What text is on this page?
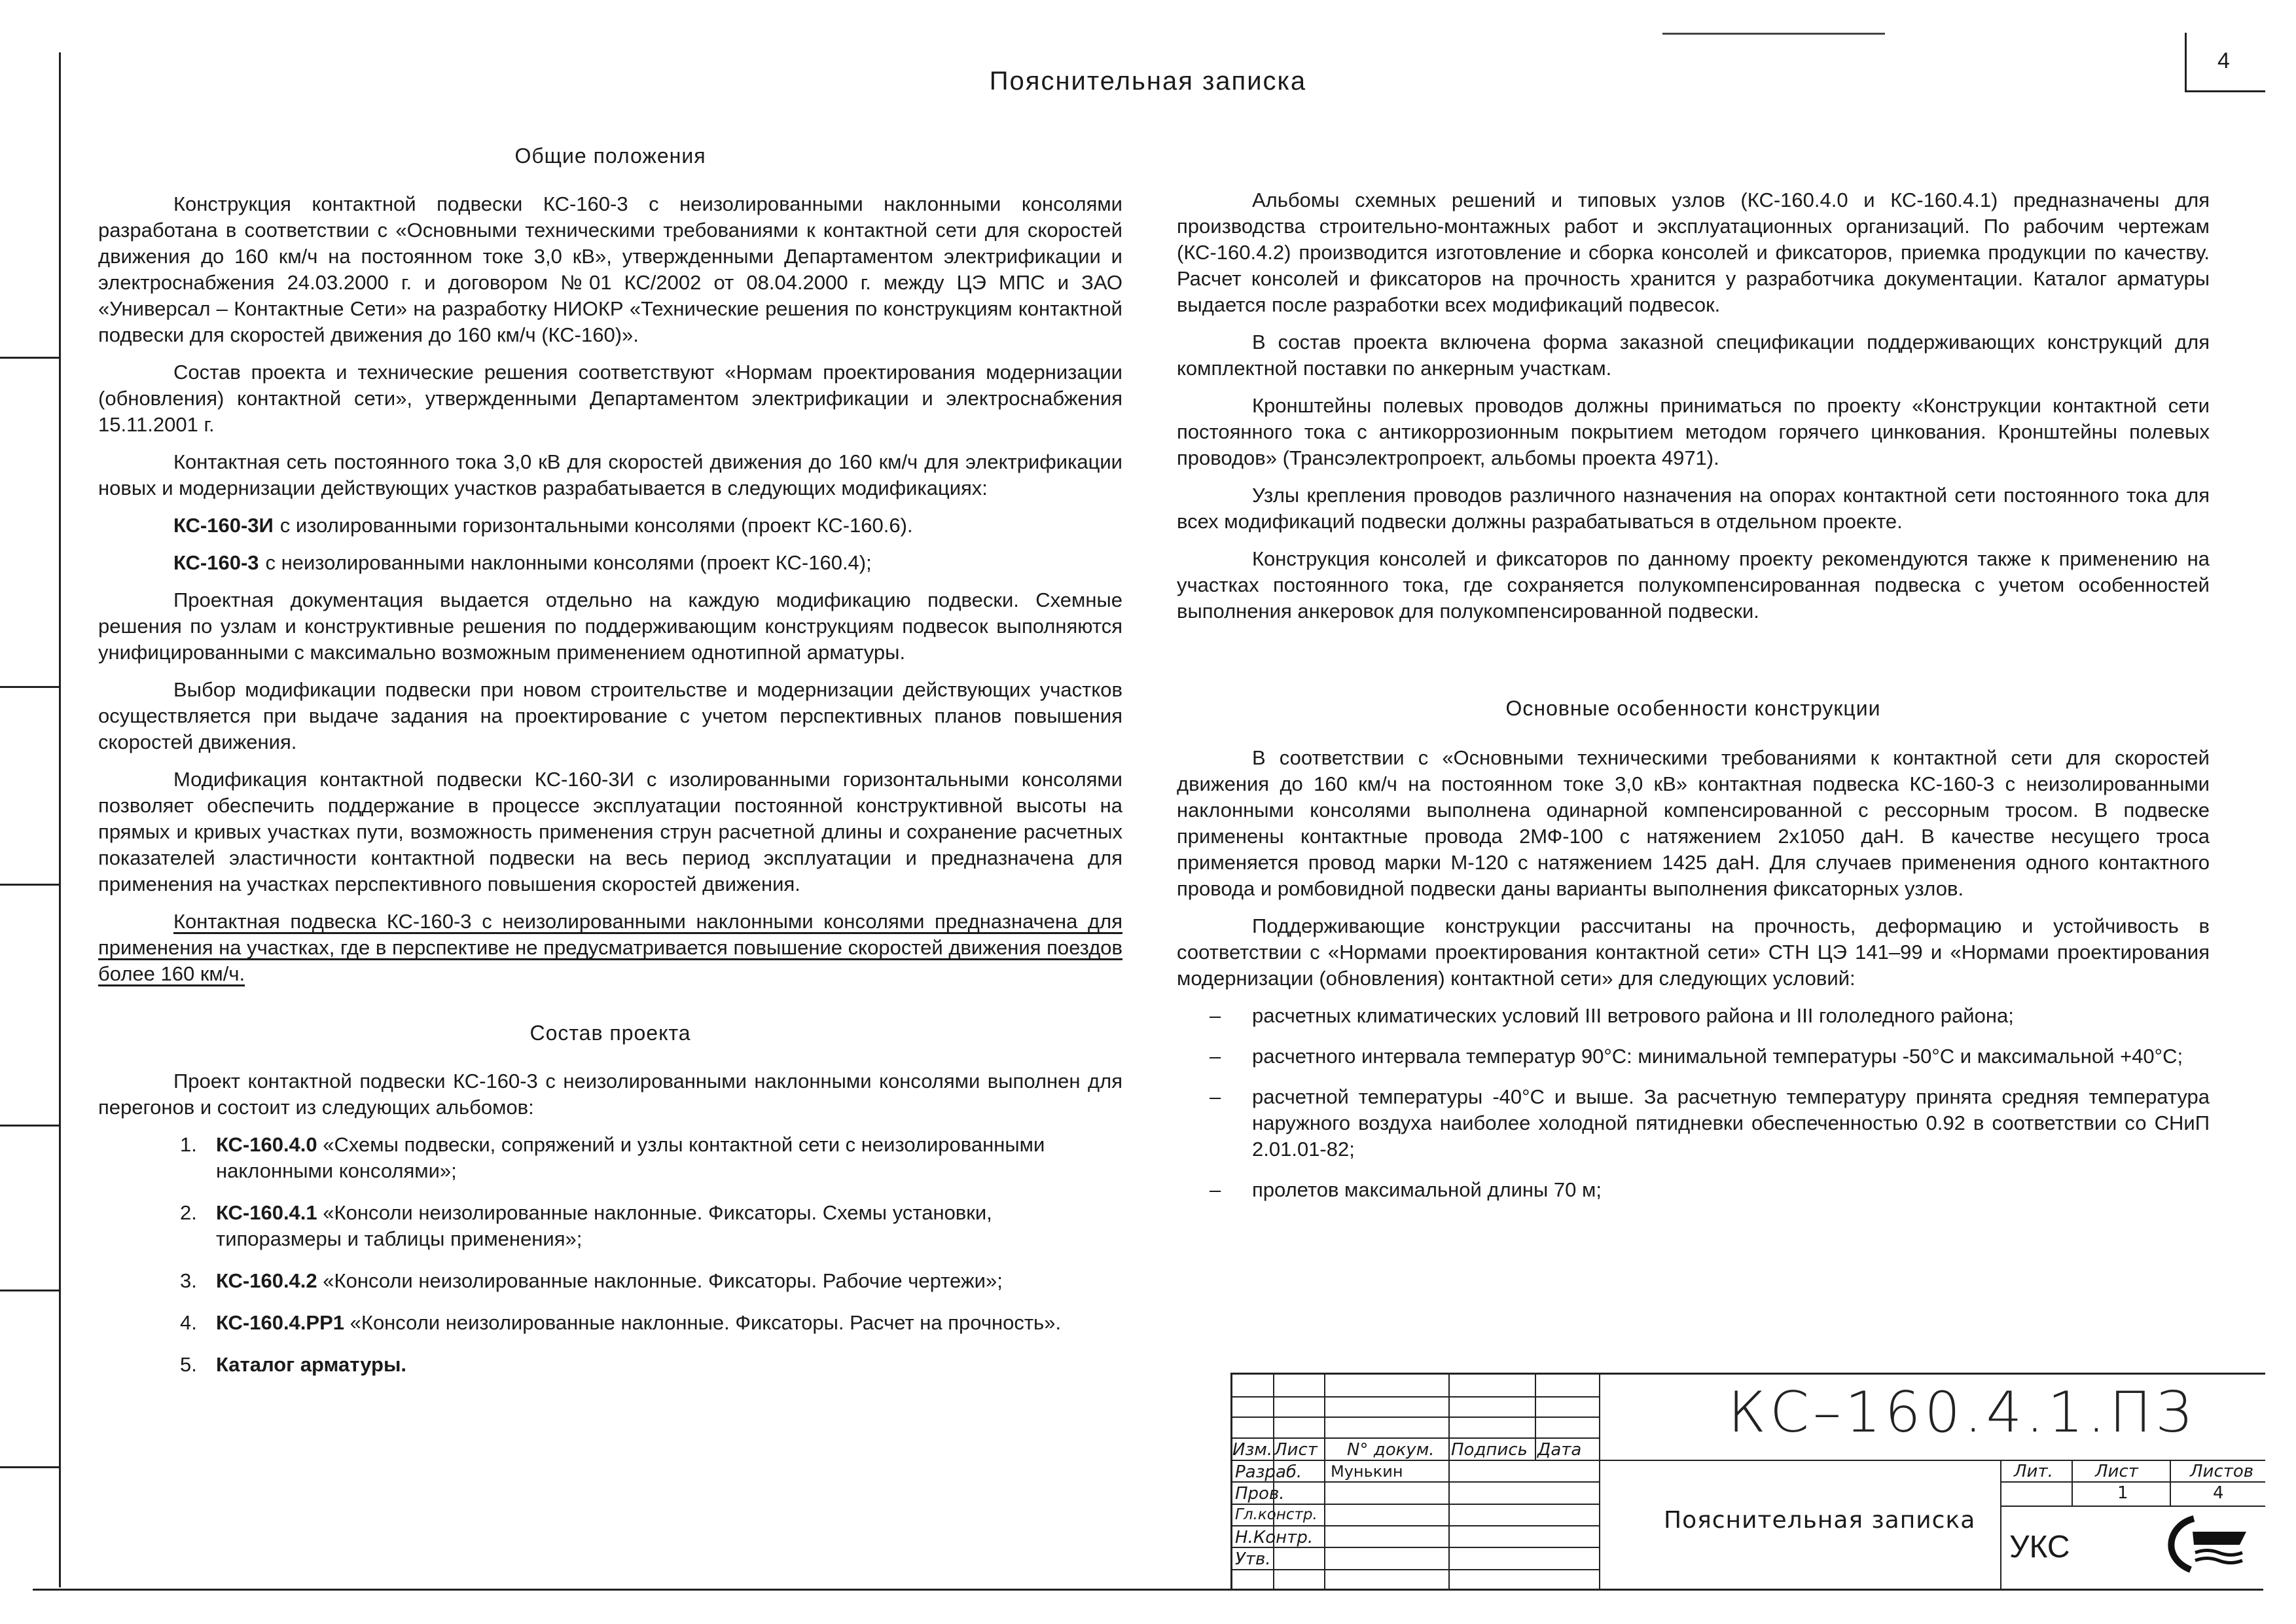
4
Пояснительная записка
Общие положения

Конструкция контактной подвески КС-160-3 с неизолированными наклонными консолями разработана в соответствии с «Основными техническими требованиями к контактной сети для скоростей движения до 160 км/ч на постоянном токе 3,0 кВ», утвержденными Департаментом электрификации и электроснабжения 24.03.2000 г. и договором №01 КС/2002 от 08.04.2000 г. между ЦЭ МПС и ЗАО «Универсал – Контактные Сети» на разработку НИОКР «Технические решения по конструкциям контактной подвески для скоростей движения до 160 км/ч (КС-160)».

Состав проекта и технические решения соответствуют «Нормам проектирования модернизации (обновления) контактной сети», утвержденными Департаментом электрификации и электроснабжения 15.11.2001 г.

Контактная сеть постоянного тока 3,0 кВ для скоростей движения до 160 км/ч для электрификации новых и модернизации действующих участков разрабатывается в следующих модификациях:

КС-160-3И с изолированными горизонтальными консолями (проект КС-160.6).

КС-160-3 с неизолированными наклонными консолями (проект КС-160.4);

Проектная документация выдается отдельно на каждую модификацию подвески. Схемные решения по узлам и конструктивные решения по поддерживающим конструкциям подвесок выполняются унифицированными с максимально возможным применением однотипной арматуры.

Выбор модификации подвески при новом строительстве и модернизации действующих участков осуществляется при выдаче задания на проектирование с учетом перспективных планов повышения скоростей движения.

Модификация контактной подвески КС-160-3И с изолированными горизонтальными консолями позволяет обеспечить поддержание в процессе эксплуатации постоянной конструктивной высоты на прямых и кривых участках пути, возможность применения струн расчетной длины и сохранение расчетных показателей эластичности контактной подвески на весь период эксплуатации и предназначена для применения на участках перспективного повышения скоростей движения.

Контактная подвеска КС-160-3 с неизолированными наклонными консолями предназначена для применения на участках, где в перспективе не предусматривается повышение скоростей движения поездов более 160 км/ч.

Состав проекта

Проект контактной подвески КС-160-3 с неизолированными наклонными консолями выполнен для перегонов и состоит из следующих альбомов:

1. КС-160.4.0 «Схемы подвески, сопряжений и узлы контактной сети с неизолированными наклонными консолями»;
2. КС-160.4.1 «Консоли неизолированные наклонные. Фиксаторы. Схемы установки, типоразмеры и таблицы применения»;
3. КС-160.4.2 «Консоли неизолированные наклонные. Фиксаторы. Рабочие чертежи»;
4. КС-160.4.РР1 «Консоли неизолированные наклонные. Фиксаторы. Расчет на прочность».
5. Каталог арматуры.

Альбомы схемных решений и типовых узлов (КС-160.4.0 и КС-160.4.1) предназначены для производства строительно-монтажных работ и эксплуатационных организаций. По рабочим чертежам (КС-160.4.2) производится изготовление и сборка консолей и фиксаторов, приемка продукции по качеству. Расчет консолей и фиксаторов на прочность хранится у разработчика документации. Каталог арматуры выдается после разработки всех модификаций подвесок.

В состав проекта включена форма заказной спецификации поддерживающих конструкций для комплектной поставки по анкерным участкам.

Кронштейны полевых проводов должны приниматься по проекту «Конструкции контактной сети постоянного тока с антикоррозионным покрытием методом горячего цинкования. Кронштейны полевых проводов» (Трансэлектропроект, альбомы проекта 4971).

Узлы крепления проводов различного назначения на опорах контактной сети постоянного тока для всех модификаций подвески должны разрабатываться в отдельном проекте.

Конструкция консолей и фиксаторов по данному проекту рекомендуются также к применению на участках постоянного тока, где сохраняется полукомпенсированная подвеска с учетом особенностей выполнения анкеровок для полукомпенсированной подвески.

Основные особенности конструкции

В соответствии с «Основными техническими требованиями к контактной сети для скоростей движения до 160 км/ч на постоянном токе 3,0 кВ» контактная подвеска КС-160-3 с неизолированными наклонными консолями выполнена одинарной компенсированной с рессорным тросом. В подвеске применены контактные провода 2МФ-100 с натяжением 2х1050 даН. В качестве несущего троса применяется провод марки М-120 с натяжением 1425 даН. Для случаев применения одного контактного провода и ромбовидной подвески даны варианты выполнения фиксаторных узлов.

Поддерживающие конструкции рассчитаны на прочность, деформацию и устойчивость в соответствии с «Нормами проектирования контактной сети» СТН ЦЭ 141–99 и «Нормами проектирования модернизации (обновления) контактной сети» для следующих условий:

– расчетных климатических условий III ветрового района и III гололедного района;
– расчетного интервала температур 90°С: минимальной температуры -50°С и максимальной +40°С;
– расчетной температуры -40°С и выше. За расчетную температуру принята средняя температура наружного воздуха наиболее холодной пятидневки обеспеченностью 0.92 в соответствии со СНиП 2.01.01-82;
– пролетов максимальной длины 70 м;
Изм. Лист N° докум. Подпись Дата
Разраб. Мунькин
Пров.
Гл.констр.
Н.Контр.
Утв.
Лит. Лист	Листов
1	4
КС–160.4.1.ПЗ
Пояснительная записка
УКС
